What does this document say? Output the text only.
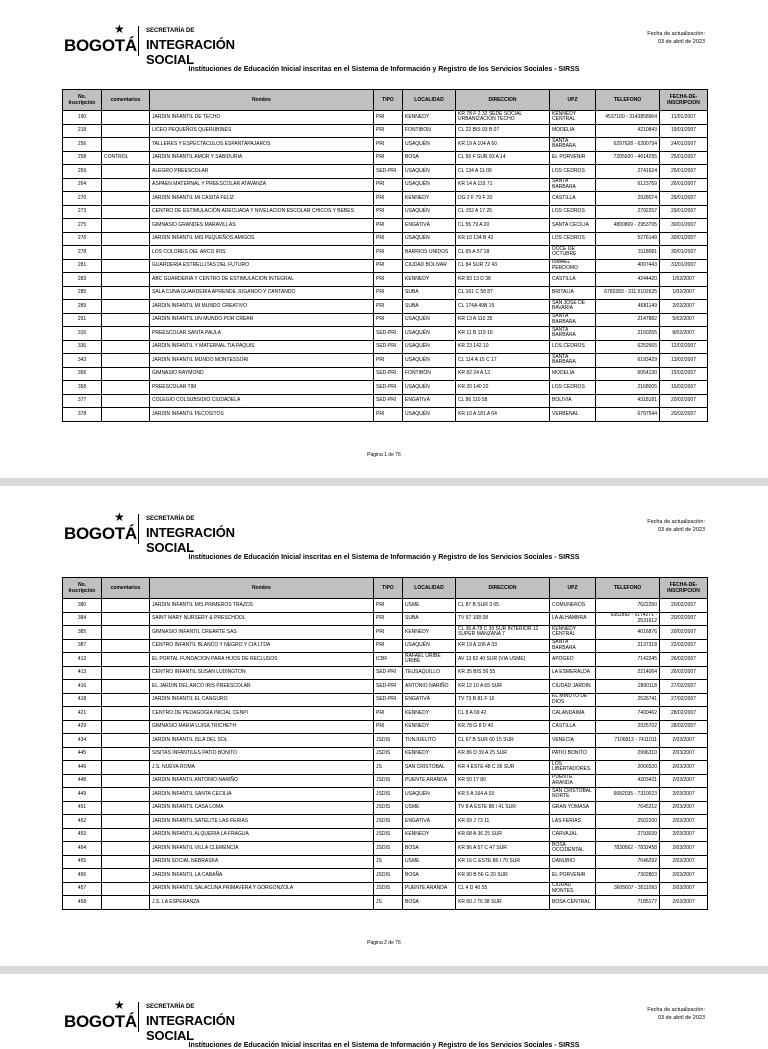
BOGOTÁ
★	SECRETARÍA DE
INTEGRACIÓN SOCIAL
Fecha de actualización:
03 de abril de 2023
Instituciones de Educación Inicial inscritas en el Sistema de Información y Registro de los Servicios Sociales - SIRSS
No. Inscripción	comentarios	Nombre	TIPO	LOCALIDAD	DIRECCION	UPZ	TELEFONO	FECHA-DE-INSCRIPCION
190		JARDIN INFANTIL DE TECHO	PRI	KENNEDY	KR 78 F 2 32 SEDE SOCIAL URBANIZACION TECHO	KENNEDY CENTRAL	4537160 - 3143858964	11/01/2007
218		LICEO PEQUEÑOS QUERUBINES	PRI	FONTIBON	CL 22 BIS 93 B 07	MODELIA	4210843	19/01/2007
256		TALLERES Y ESPECTACULOS ESPANTAPAJAROS	PRI	USAQUÉN	KR 19 A 104 A 60	SANTA BARBARA	6297628 - 6200754	24/01/2007
258	CONTROL	JARDIN INFANTIL AMOR Y SABIDURIA	PRI	BOSA	CL 56 F SUR 93 A 14	EL PORVENIR	7205920 - 4614255	25/01/2007
259		ALEGRO PREESCOLAR	SED-PRI	USAQUÉN	CL 134 A 11 09	LOS CEDROS	2741624	25/01/2007
264		ASPAEN MATERNAL Y PREESCOLAR ATAVANZA	PRI	USAQUÉN	KR 14 A 119 71	SANTA BARBARA	6123769	26/01/2007
270		JARDIN INFANTIL MI CASITA FELIZ	PRI	KENNEDY	DG 2 F 79 F 20	CASTILLA	2928074	29/01/2007
273		CENTRO DE ESTIMULACIÓN ADECUADA Y NIVELACION ESCOLAR CHICOS Y BEBES	PRI	USAQUÉN	CL 152 A 17 25	LOS CEDROS	2792257	29/01/2007
275		GIMNASIO GRANDES MARAVILLAS	PRI	ENGATIVÁ	CL 55 79 A 20	SANTA CECILIA	4800869 - 2953705	30/01/2007
276		JARDIN INFANTIL MIS PEQUEÑOS AMIGOS	PRI	USAQUÉN	KR 10 134 B 42	LOS CEDROS	5276149	30/01/2007
278		LOS COLORES DEL ARCO IRIS	PRI	BARRIOS UNIDOS	CL 65 A 57 18	DOCE DE OCTUBRE	3118081	30/01/2007
281		GUARDERIA ESTRELLITAS DEL FUTURO	PRI	CIUDAD BOLIVAR	CL 84 SUR 72 43	ISMAEL PERDOMO	4007443	31/01/2007
283		ABC GUARDERIA Y CENTRO DE ESTIMULACION INTEGRAL	PRI	KENNEDY	KR 83 13 D 38	CASTILLA	4244420	1/02/2007
285		SALA CUNA GUARDERIA APRENDE JUGANDO Y CANTANDO	PRI	SUBA	CL 161 C 58 87	BRITALIA	6782283 - 311 5102625	1/02/2007
289		JARDIN INFANTIL MI MUNDO CREATIVO	PRI	SUBA	CL 174A 49B 15	SAN JOSE DE BAVARIA	4681149	2/02/2007
291		JARDIN INFANTIL UN MUNDO POR CREAR	PRI	USAQUÉN	KR 13 A 110 35	SANTA BARBARA	2147882	5/02/2007
316		PREESCOLAR SANTA PAULA	SED-PRI	USAQUÉN	KR 11 B 119 10	SANTA BARBARA	2150255	8/02/2007
336		JARDIN INFANTIL Y MATERNAL TIA PAQUIS	SED-PRI	USAQUÉN	KR 23 142 10	LOS CEDROS	6252665	12/02/2007
343		JARDIN INFANTIL MUNDO MONTESSORI	PRI	USAQUÉN	CL 114 A 15 C 17	SANTA BARBARA	6193429	13/02/2007
356		GIMNASIO RAYMOND	SED-PRI	FONTIBÓN	KR 82 24 A 13	MODELIA	6054130	15/02/2007
358		PREESCOLAR TIM	SED-PRI	USAQUÉN	KR 20 140 22	LOS CEDROS	2168005	15/02/2007
377		COLEGIO COLSUBSIDIO CIUDADELA	SED-PRI	ENGATIVÁ	CL 86 110 58	BOLIVIA	4318181	20/02/2007
378		JARDIN INFANTIL PECOSITOS	PRI	USAQUÉN	KR 10 A 181 A 04	VERBENAL	6797544	20/02/2007
Página 1 de 76
BOGOTÁ
★	SECRETARÍA DE
INTEGRACIÓN SOCIAL
Fecha de actualización:
03 de abril de 2023
Instituciones de Educación Inicial inscritas en el Sistema de Información y Registro de los Servicios Sociales - SIRSS
No. Inscripción	comentarios	Nombre	TIPO	LOCALIDAD	DIRECCION	UPZ	TELEFONO	FECHA-DE-INSCRIPCION
380		JARDIN INFANTIL MIS PRIMEROS TRAZOS	PRI	USME	CL 87 B SUR 3 05	COMUNEROS	7622250	20/02/2007
384		SAINT MARY NURSERY & PRESCHOOL	PRI	SUBA	TV 57 108 08	LA ALHAMBRA	6352892 - 5174271 - 2531612	20/02/2007
385		GIMNASIO INFANTIL CREARTE SAS	PRI	KENNEDY	CL 36 A 78 C 30 SUR INTERIOR 12 SUPER MANZANA 7	KENNEDY CENTRAL	4016876	20/02/2007
387		CENTRO INFANTIL BLANCO Y NEGRO Y CIA LTDA	PRI	USAQUÉN	KR 19 A 106 A 33	SANTA BARBARA	2137318	22/02/2007
412		EL PORTAL FUNDACION PARA HIJOS DE RECLUSOS	ICBF	RAFAEL URIBE URIBE	AV 13 62 40 SUR (VIA USME)	APOGEO	7142245	26/02/2007
413		CENTRO INFANTIL SUSAN LUDINGTON	SED-PRI	TEUSAQUILLO	KR 35 B/S 56 55	LA ESMERALDA	2214064	26/02/2007
416		EL JARDIN DEL ARCO IRIS PREESCOLAR	SED-PRI	ANTONIO NARIÑO	KR 12 10 A 65 SUR	CIUDAD JARDIN	2800118	27/02/2007
418		JARDIN INFANTIL EL CANGURO	SED-PRI	ENGATIVÁ	TV 73 B 81 F 10	EL MINUTO DE DIOS	2526741	27/02/2007
421		CENTRO DE PEDAGOGIA INICIAL CENPI	PRI	KENNEDY	CL 8 A 69 42	CALANDAIMA	7400462	28/02/2007
429		GIMNASIO MARIA LUISA TRICHETH	PRI	KENNEDY	KR 78 G 8 D 40	CASTILLA	2925702	28/02/2007
434		JARDIN INFANTIL ISLA DEL SOL	JSDIS	TUNJUELITO	CL 67 B SUR 60 15 SUR	VENECIA	7106813 - 7411011	2/03/2007
445		SISITAS INFANTILES PATIO BONITO	JSDIS	KENNEDY	KR 86 D 39 A 25 SUR	PATIO BONITO	2996310	2/03/2007
446		J.S. NUEVA ROMA	JS	SAN CRISTOBAL	KR 4 ESTE 48 C 36 SUR	LOS LIBERTADORES	2066520	2/03/2007
448		JARDIN INFANTIL ANTONIO NARIÑO	JSDIS	PUENTE ARANDA	KR 50 17 80	PUENTE ARANDA	4203421	2/03/2007
449		JARDIN INFANTIL SANTA CECILIA	JSDIS	USAQUÉN	KR 5 A 164 A 03	SAN CRISTOBAL NORTE	6682035 - 7310023	2/03/2007
451		JARDIN INFANTIL CASA LOMA	JSDIS	USME	TV 8 A ESTE 88 I 41 SUR	GRAN YOMASA	7645212	2/03/2007
452		JARDIN INFANTIL SATELITE LAS FERIAS	JSDIS	ENGATIVÁ	KR 69 J 73 11	LAS FERIAS	2502200	2/03/2007
453		JARDIN INFANTIL ALQUERIA LA FRAGUA	JSDIS	KENNEDY	KR 68 A 36 25 SUR	CARVAJAL	2793039	2/03/2007
454		JARDIN INFANTIL VILLA CLEMENCIA	JSDIS	BOSA	KR 86 A 57 C 47 SUR	BOSA OCCIDENTAL	7830562 - 7832458	2/03/2007
455		JARDIN SOCIAL NEBRASKA	JS	USME	KR 16 C ESTE 86 I 70 SUR	DANUBIO	7646292	2/03/2007
456		JARDIN INFANTIL LA CABAÑA	JSDIS	BOSA	KR 90 B 56 G 20 SUR	EL PORVENIR	7302803	2/03/2007
457		JARDIN INFANTIL SALACUNA PRIMAVERA Y GORGONZOLA	JSDIS	PUENTE ARANDA	CL 4 D 40 55	CIUDAD MONTES	3605607 - 3511093	2/03/2007
458		J.S. LA ESPERANZA	JS	BOSA	KR 60 J 76 38 SUR	BOSA CENTRAL	7185177	2/03/2007
Página 2 de 76
BOGOTÁ
★	SECRETARÍA DE
INTEGRACIÓN SOCIAL
Fecha de actualización:
03 de abril de 2023
Instituciones de Educación Inicial inscritas en el Sistema de Información y Registro de los Servicios Sociales - SIRSS
